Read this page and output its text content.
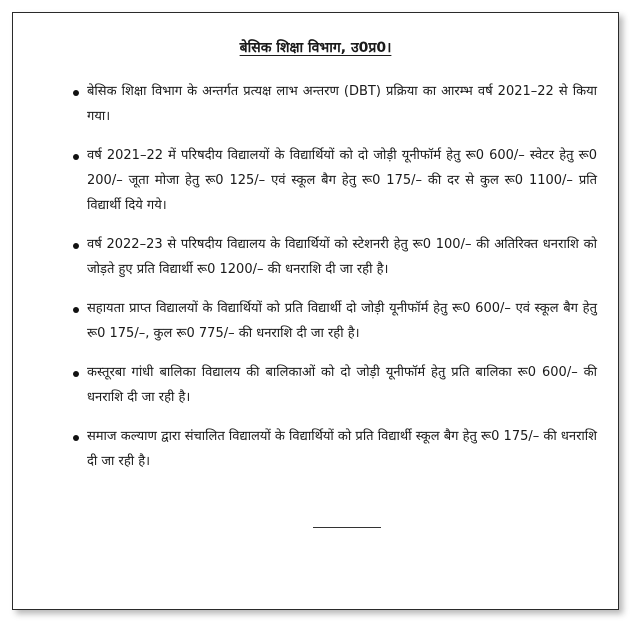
बेसिक शिक्षा विभाग, उ0प्र0।
बेसिक शिक्षा विभाग के अन्तर्गत प्रत्यक्ष लाभ अन्तरण (DBT) प्रक्रिया का आरम्भ वर्ष 2021–22 से किया गया।
वर्ष 2021–22 में परिषदीय विद्यालयों के विद्यार्थियों को दो जोड़ी यूनीफॉर्म हेतु रू0 600/– स्वेटर हेतु रू0 200/– जूता मोजा हेतु रू0 125/– एवं स्कूल बैग हेतु रू0 175/– की दर से कुल रू0 1100/– प्रति विद्यार्थी दिये गये।
वर्ष 2022–23 से परिषदीय विद्यालय के विद्यार्थियों को स्टेशनरी हेतु रू0 100/– की अतिरिक्त धनराशि को जोड़ते हुए प्रति विद्यार्थी रू0 1200/– की धनराशि दी जा रही है।
सहायता प्राप्त विद्यालयों के विद्यार्थियों को प्रति विद्यार्थी दो जोड़ी यूनीफॉर्म हेतु रू0 600/– एवं स्कूल बैग हेतु रू0 175/–, कुल रू0 775/– की धनराशि दी जा रही है।
कस्तूरबा गांधी बालिका विद्यालय की बालिकाओं को दो जोड़ी यूनीफॉर्म हेतु प्रति बालिका रू0 600/– की धनराशि दी जा रही है।
समाज कल्याण द्वारा संचालित विद्यालयों के विद्यार्थियों को प्रति विद्यार्थी स्कूल बैग हेतु रू0 175/– की धनराशि दी जा रही है।
